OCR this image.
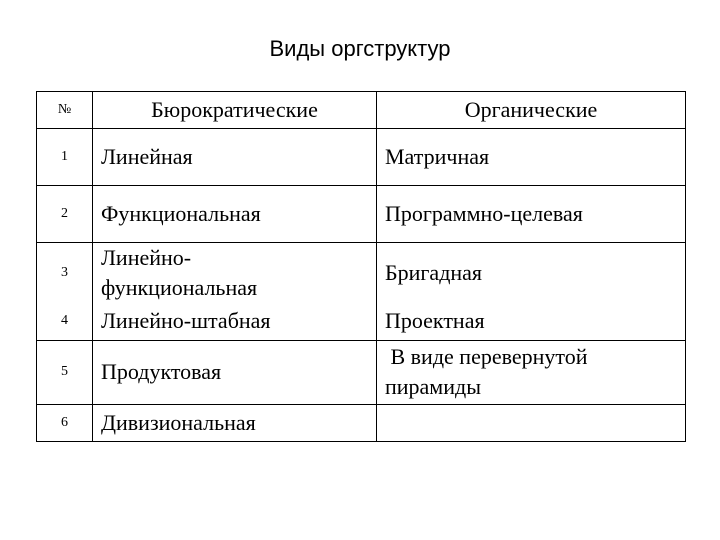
Виды оргструктур
№	Бюрократические	Органические
1	Линейная	Матричная
2	Функциональная	Программно-целевая
3	Линейно-
функциональная	Бригадная
4	Линейно-штабная	Проектная
5	Продуктовая	В виде перевернутой
пирамиды

6	Дивизиональная	
